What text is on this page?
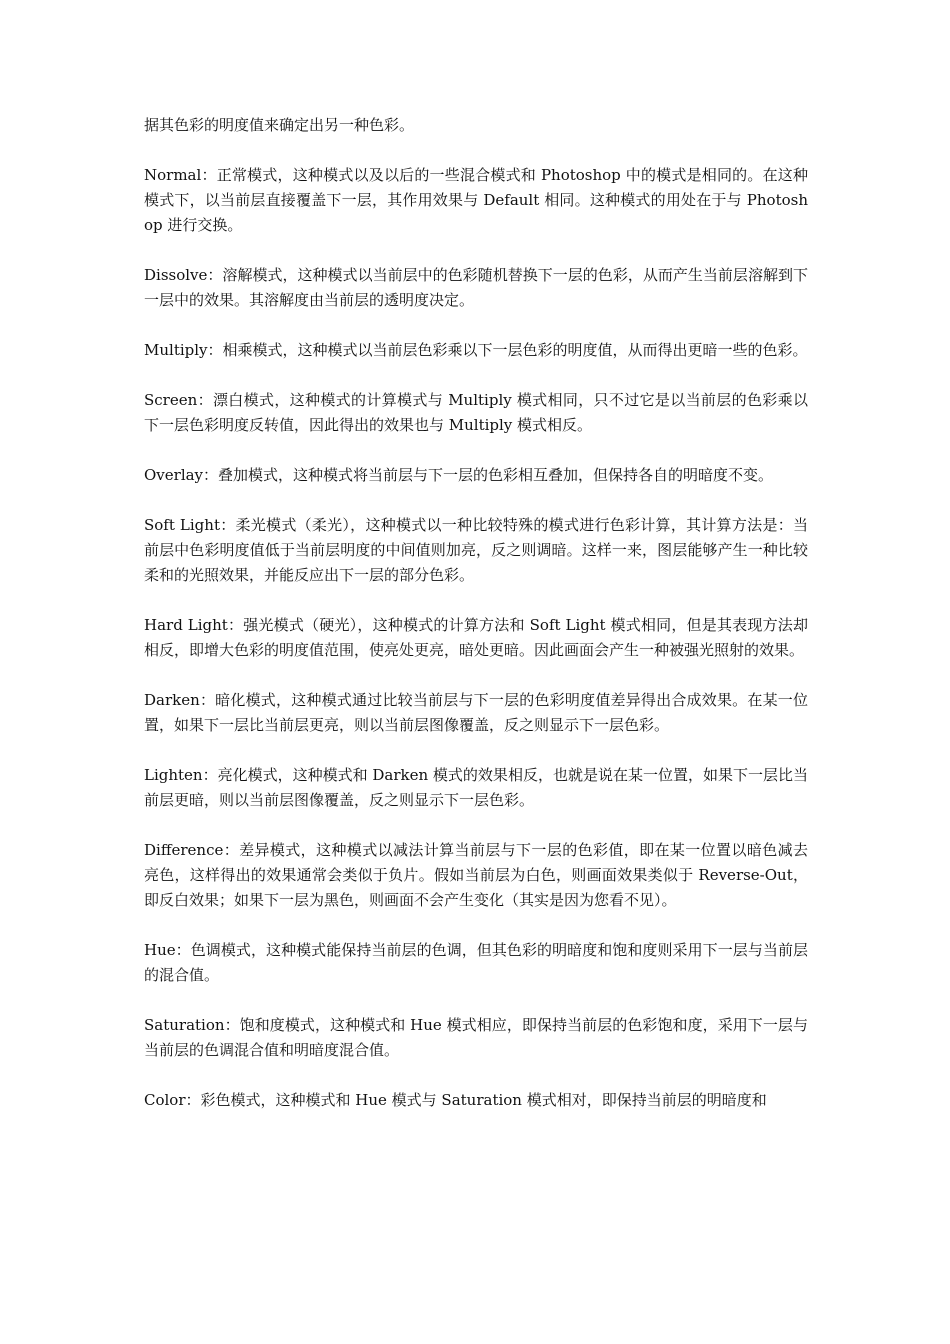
据其色彩的明度值来确定出另一种色彩。

Normal：正常模式，这种模式以及以后的一些混合模式和 Photoshop 中的模式是相同的。在这种模式下，以当前层直接覆盖下一层，其作用效果与 Default 相同。这种模式的用处在于与 Photoshop 进行交换。

Dissolve：溶解模式，这种模式以当前层中的色彩随机替换下一层的色彩，从而产生当前层溶解到下一层中的效果。其溶解度由当前层的透明度决定。

Multiply：相乘模式，这种模式以当前层色彩乘以下一层色彩的明度值，从而得出更暗一些的色彩。

Screen：漂白模式，这种模式的计算模式与 Multiply 模式相同，只不过它是以当前层的色彩乘以下一层色彩明度反转值，因此得出的效果也与 Multiply 模式相反。

Overlay：叠加模式，这种模式将当前层与下一层的色彩相互叠加，但保持各自的明暗度不变。

Soft Light：柔光模式（柔光），这种模式以一种比较特殊的模式进行色彩计算，其计算方法是：当前层中色彩明度值低于当前层明度的中间值则加亮，反之则调暗。这样一来，图层能够产生一种比较柔和的光照效果，并能反应出下一层的部分色彩。

Hard Light：强光模式（硬光），这种模式的计算方法和 Soft Light 模式相同，但是其表现方法却相反，即增大色彩的明度值范围，使亮处更亮，暗处更暗。因此画面会产生一种被强光照射的效果。

Darken：暗化模式，这种模式通过比较当前层与下一层的色彩明度值差异得出合成效果。在某一位置，如果下一层比当前层更亮，则以当前层图像覆盖，反之则显示下一层色彩。

Lighten：亮化模式，这种模式和 Darken 模式的效果相反，也就是说在某一位置，如果下一层比当前层更暗，则以当前层图像覆盖，反之则显示下一层色彩。

Difference：差异模式，这种模式以减法计算当前层与下一层的色彩值，即在某一位置以暗色减去亮色，这样得出的效果通常会类似于负片。假如当前层为白色，则画面效果类似于 Reverse-Out，即反白效果；如果下一层为黑色，则画面不会产生变化（其实是因为您看不见）。

Hue：色调模式，这种模式能保持当前层的色调，但其色彩的明暗度和饱和度则采用下一层与当前层的混合值。

Saturation：饱和度模式，这种模式和 Hue 模式相应，即保持当前层的色彩饱和度，采用下一层与当前层的色调混合值和明暗度混合值。

Color：彩色模式，这种模式和 Hue 模式与 Saturation 模式相对，即保持当前层的明暗度和
